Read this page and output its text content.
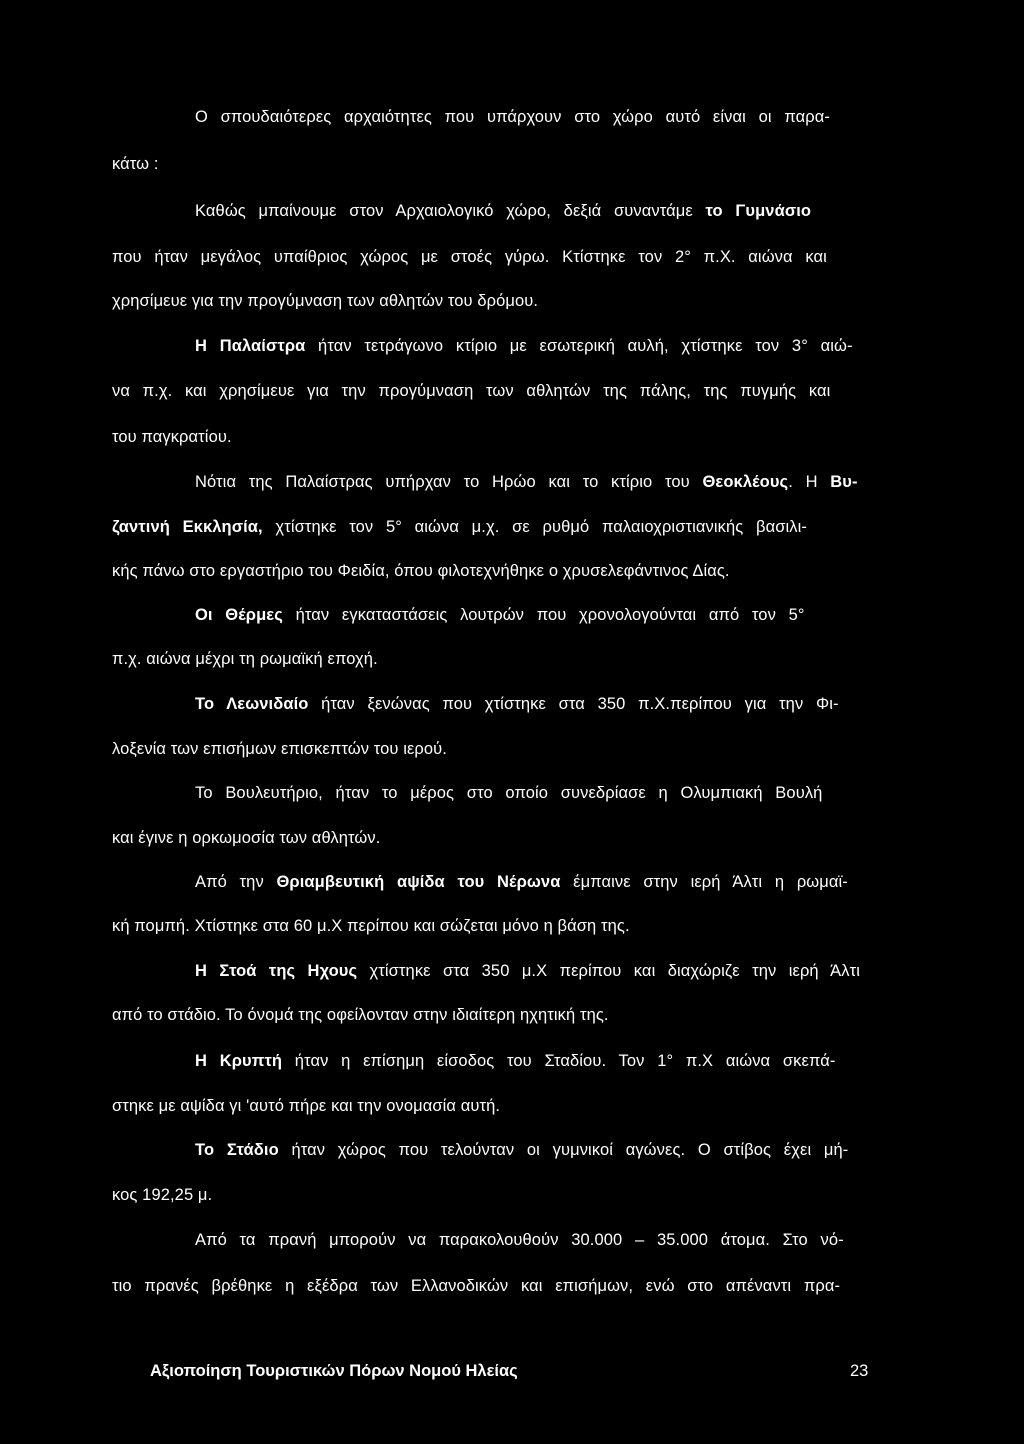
Ο σπουδαιότερες αρχαιότητες που υπάρχουν στο χώρο αυτό είναι οι παρα-
κάτω :
Καθώς μπαίνουμε στον Αρχαιολογικό χώρο, δεξιά συναντάμε το Γυμνάσιο
που ήταν μεγάλος υπαίθριος χώρος με στοές γύρω. Κτίστηκε τον 2° π.Χ. αιώνα και
χρησίμευε για την προγύμναση των αθλητών του δρόμου.
Η Παλαίστρα ήταν τετράγωνο κτίριο με εσωτερική αυλή, χτίστηκε τον 3° αιώ-
να π.χ. και χρησίμευε για την προγύμναση των αθλητών της πάλης, της πυγμής και
του παγκρατίου.
Νότια της Παλαίστρας υπήρχαν το Ηρώο και το κτίριο του Θεοκλέους. Η Βυ-
ζαντινή Εκκλησία, χτίστηκε τον 5° αιώνα μ.χ. σε ρυθμό παλαιοχριστιανικής βασιλι-
κής πάνω στο εργαστήριο του Φειδία, όπου φιλοτεχνήθηκε ο χρυσελεφάντινος Δίας.
Οι Θέρμες ήταν εγκαταστάσεις λουτρών που χρονολογούνται από τον 5°
π.χ. αιώνα μέχρι τη ρωμαϊκή εποχή.
Το Λεωνιδαίο ήταν ξενώνας που χτίστηκε στα 350 π.Χ.περίπου για την Φι-
λοξενία των επισήμων επισκεπτών του ιερού.
Το Βουλευτήριο, ήταν το μέρος στο οποίο συνεδρίασε η Ολυμπιακή Βουλή
και έγινε η ορκωμοσία των αθλητών.
Από την Θριαμβευτική αψίδα του Νέρωνα έμπαινε στην ιερή Άλτι η ρωμαϊ-
κή πομπή. Χτίστηκε στα 60 μ.Χ περίπου και σώζεται μόνο η βάση της.
Η Στοά της Ηχους χτίστηκε στα 350 μ.Χ περίπου και διαχώριζε την ιερή Άλτι
από το στάδιο. Το όνομά της οφείλονταν στην ιδιαίτερη ηχητική της.
Η Κρυπτή ήταν η επίσημη είσοδος του Σταδίου. Τον 1° π.Χ αιώνα σκεπά-
στηκε με αψίδα γι 'αυτό πήρε και την ονομασία αυτή.
Το Στάδιο ήταν χώρος που τελούνταν οι γυμνικοί αγώνες. Ο στίβος έχει μή-
κος 192,25 μ.
Από τα πρανή μπορούν να παρακολουθούν 30.000 – 35.000 άτομα. Στο νό-
τιο πρανές βρέθηκε η εξέδρα των Ελλανοδικών και επισήμων, ενώ στο απέναντι πρα-
Αξιοποίηση Τουριστικών Πόρων Νομού Ηλείας	23
